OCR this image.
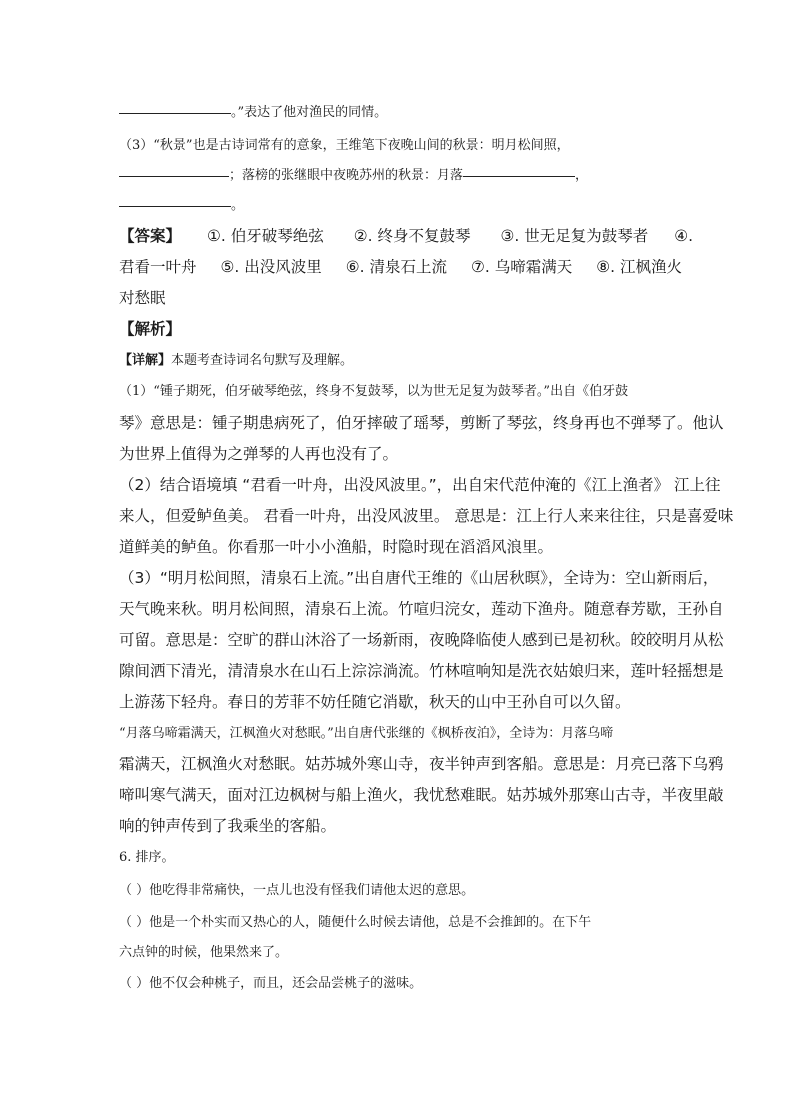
。”表达了他对渔民的同情。
（3）“秋景”也是古诗词常有的意象，王维笔下夜晚山间的秋景：明月松间照，
；落榜的张继眼中夜晚苏州的秋景：月落	，
。
【答案】 ①. 伯牙破琴绝弦 ②. 终身不复鼓琴 ③. 世无足复为鼓琴者 ④.
君看一叶舟 ⑤. 出没风波里 ⑥. 清泉石上流 ⑦. 乌啼霜满天 ⑧. 江枫渔火
对愁眠
【解析】
【详解】本题考查诗词名句默写及理解。
（1）“锺子期死，伯牙破琴绝弦，终身不复鼓琴，以为世无足复为鼓琴者。”出自《伯牙鼓
琴》意思是：锺子期患病死了，伯牙摔破了瑶琴，剪断了琴弦，终身再也不弹琴了。他认
为世界上值得为之弹琴的人再也没有了。
（2）结合语境填 “君看一叶舟，出没风波里。”，出自宋代范仲淹的《江上渔者》 江上往
来人，但爱鲈鱼美。 君看一叶舟，出没风波里。 意思是：江上行人来来往往，只是喜爱味
道鲜美的鲈鱼。你看那一叶小小渔船，时隐时现在滔滔风浪里。
（3）“明月松间照，清泉石上流。”出自唐代王维的《山居秋暝》，全诗为：空山新雨后，
天气晚来秋。明月松间照，清泉石上流。竹喧归浣女，莲动下渔舟。随意春芳歇，王孙自
可留。意思是：空旷的群山沐浴了一场新雨，夜晚降临使人感到已是初秋。皎皎明月从松
隙间洒下清光，清清泉水在山石上淙淙淌流。竹林喧响知是洗衣姑娘归来，莲叶轻摇想是
上游荡下轻舟。春日的芳菲不妨任随它消歇，秋天的山中王孙自可以久留。
“月落乌啼霜满天，江枫渔火对愁眠。”出自唐代张继的《枫桥夜泊》，全诗为：月落乌啼
霜满天，江枫渔火对愁眠。姑苏城外寒山寺，夜半钟声到客船。意思是：月亮已落下乌鸦
啼叫寒气满天，面对江边枫树与船上渔火，我忧愁难眠。姑苏城外那寒山古寺，半夜里敲
响的钟声传到了我乘坐的客船。
6. 排序。
（ ）他吃得非常痛快，一点儿也没有怪我们请他太迟的意思。
（ ）他是一个朴实而又热心的人，随便什么时候去请他，总是不会推卸的。在下午
六点钟的时候，他果然来了。
（ ）他不仅会种桃子，而且，还会品尝桃子的滋味。
